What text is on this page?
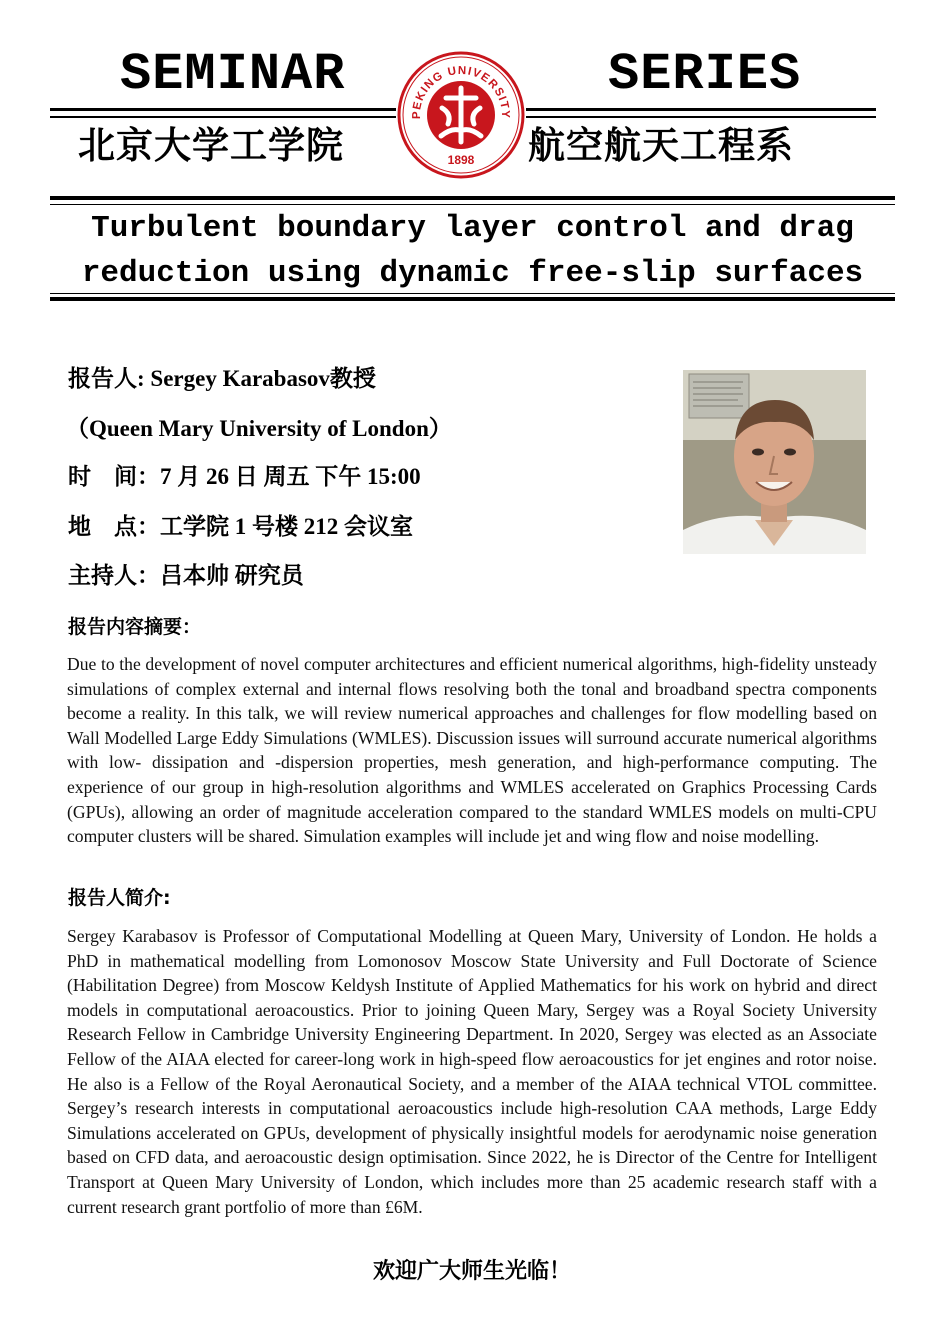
SEMINAR	SERIES
北京大学工学院	航空航天工程系
PEKING UNIVERSITY
1898
Turbulent boundary layer control and drag
reduction using dynamic free-slip surfaces
报告人: Sergey Karabasov教授
（Queen Mary University of London）
时　间：7 月 26 日 周五 下午 15:00
地　点：工学院 1 号楼 212 会议室
主持人：吕本帅 研究员
报告内容摘要：
Due to the development of novel computer architectures and efficient numerical algorithms, high-fidelity unsteady simulations of complex external and internal flows resolving both the tonal and broadband spectra components become a reality. In this talk, we will review numerical approaches and challenges for flow modelling based on Wall Modelled Large Eddy Simulations (WMLES). Discussion issues will surround accurate numerical algorithms with low- dissipation and -dispersion properties, mesh generation, and high-performance computing. The experience of our group in high-resolution algorithms and WMLES accelerated on Graphics Processing Cards (GPUs), allowing an order of magnitude acceleration compared to the standard WMLES models on multi-CPU computer clusters will be shared. Simulation examples will include jet and wing flow and noise modelling.
报告人简介:
Sergey Karabasov is Professor of Computational Modelling at Queen Mary, University of London. He holds a PhD in mathematical modelling from Lomonosov Moscow State University and Full Doctorate of Science (Habilitation Degree) from Moscow Keldysh Institute of Applied Mathematics for his work on hybrid and direct models in computational aeroacoustics. Prior to joining Queen Mary, Sergey was a Royal Society University Research Fellow in Cambridge University Engineering Department. In 2020, Sergey was elected as an Associate Fellow of the AIAA elected for career-long work in high-speed flow aeroacoustics for jet engines and rotor noise. He also is a Fellow of the Royal Aeronautical Society, and a member of the AIAA technical VTOL committee. Sergey’s research interests in computational aeroacoustics include high-resolution CAA methods, Large Eddy Simulations accelerated on GPUs, development of physically insightful models for aerodynamic noise generation based on CFD data, and aeroacoustic design optimisation. Since 2022, he is Director of the Centre for Intelligent Transport at Queen Mary University of London, which includes more than 25 academic research staff with a current research grant portfolio of more than £6M.
欢迎广大师生光临！
